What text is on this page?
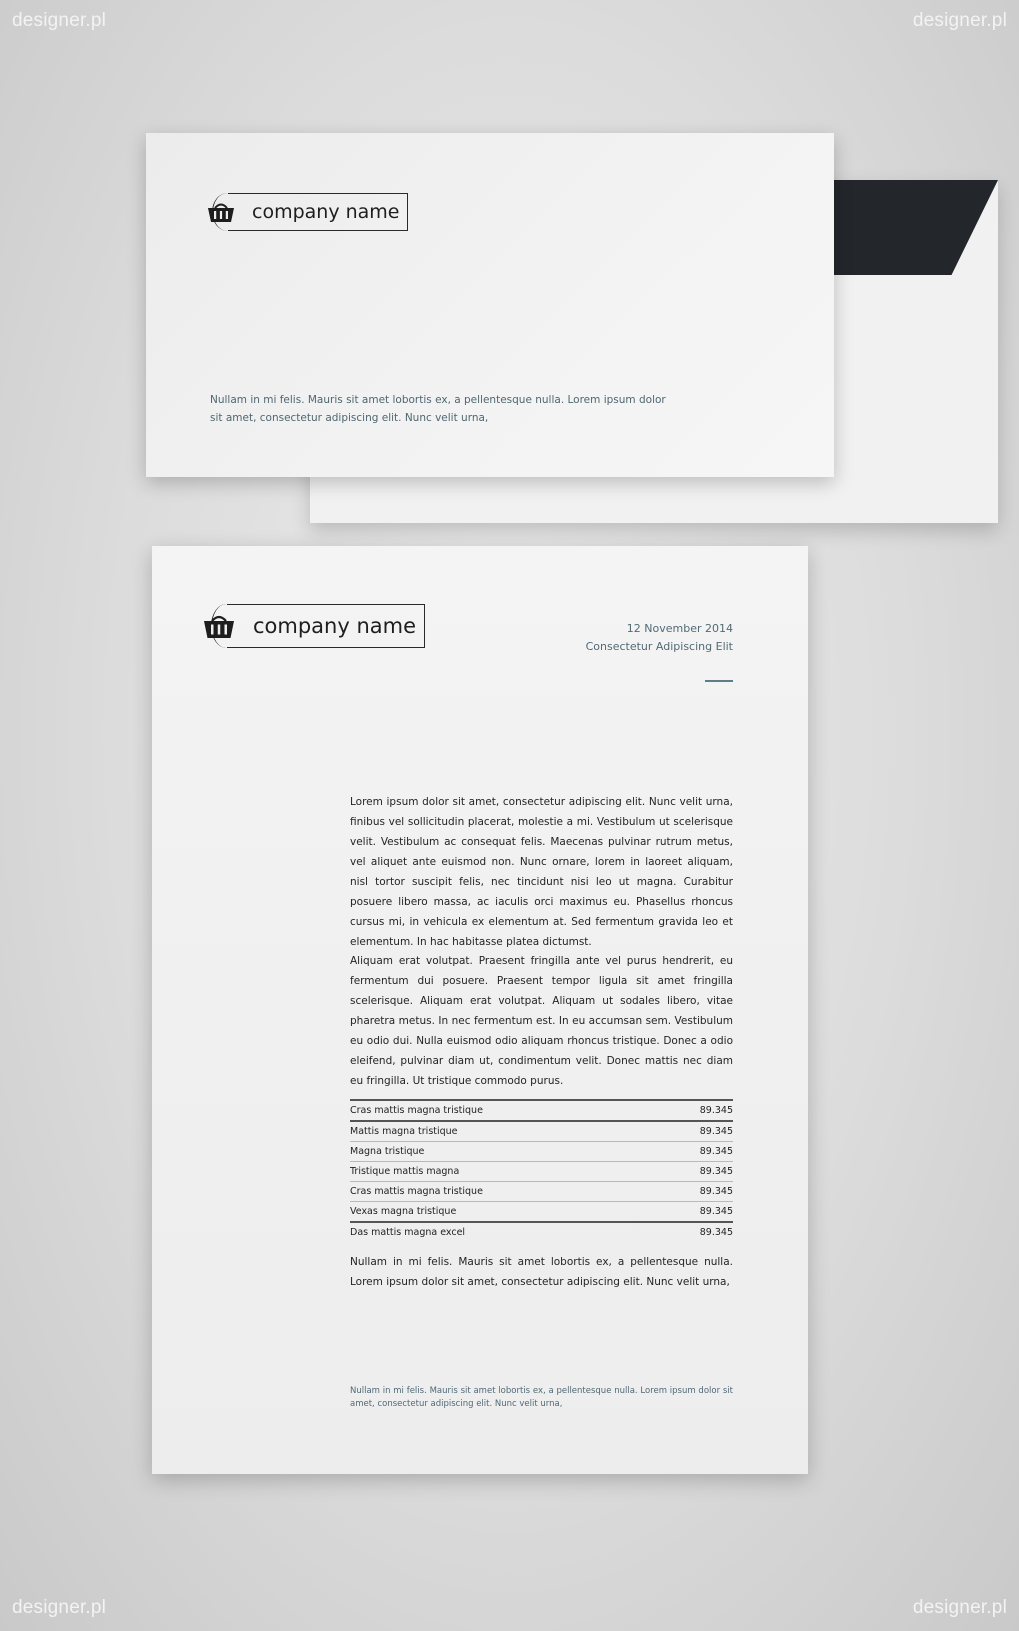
designer.pl	designer.pl
designer.pl	designer.pl
company name
Nullam in mi felis. Mauris sit amet lobortis ex, a pellentesque nulla. Lorem ipsum dolor sit amet, consectetur adipiscing elit. Nunc velit urna,
company name	12 November 2014
Consectetur Adipiscing Elit

Lorem ipsum dolor sit amet, consectetur adipiscing elit. Nunc velit urna, finibus vel sollicitudin placerat, molestie a mi. Vestibulum ut scelerisque velit. Vestibulum ac consequat felis. Maecenas pulvinar rutrum metus, vel aliquet ante euismod non. Nunc ornare, lorem in laoreet aliquam, nisl tortor suscipit felis, nec tincidunt nisi leo ut magna. Curabitur posuere libero massa, ac iaculis orci maximus eu. Phasellus rhoncus cursus mi, in vehicula ex elementum at. Sed fermentum gravida leo et elementum. In hac habitasse platea dictumst.

Aliquam erat volutpat. Praesent fringilla ante vel purus hendrerit, eu fermentum dui posuere. Praesent tempor ligula sit amet fringilla scelerisque. Aliquam erat volutpat. Aliquam ut sodales libero, vitae pharetra metus. In nec fermentum est. In eu accumsan sem. Vestibulum eu odio dui. Nulla euismod odio aliquam rhoncus tristique. Donec a odio eleifend, pulvinar diam ut, condimentum velit. Donec mattis nec diam eu fringilla. Ut tristique commodo purus.

Cras mattis magna tristique	89.345
Mattis magna tristique	89.345
Magna tristique	89.345
Tristique mattis magna	89.345
Cras mattis magna tristique	89.345
Vexas magna tristique	89.345
Das mattis magna excel	89.345

Nullam in mi felis. Mauris sit amet lobortis ex, a pellentesque nulla. Lorem ipsum dolor sit amet, consectetur adipiscing elit. Nunc velit urna,

Nullam in mi felis. Mauris sit amet lobortis ex, a pellentesque nulla. Lorem ipsum dolor sit amet, consectetur adipiscing elit. Nunc velit urna,
